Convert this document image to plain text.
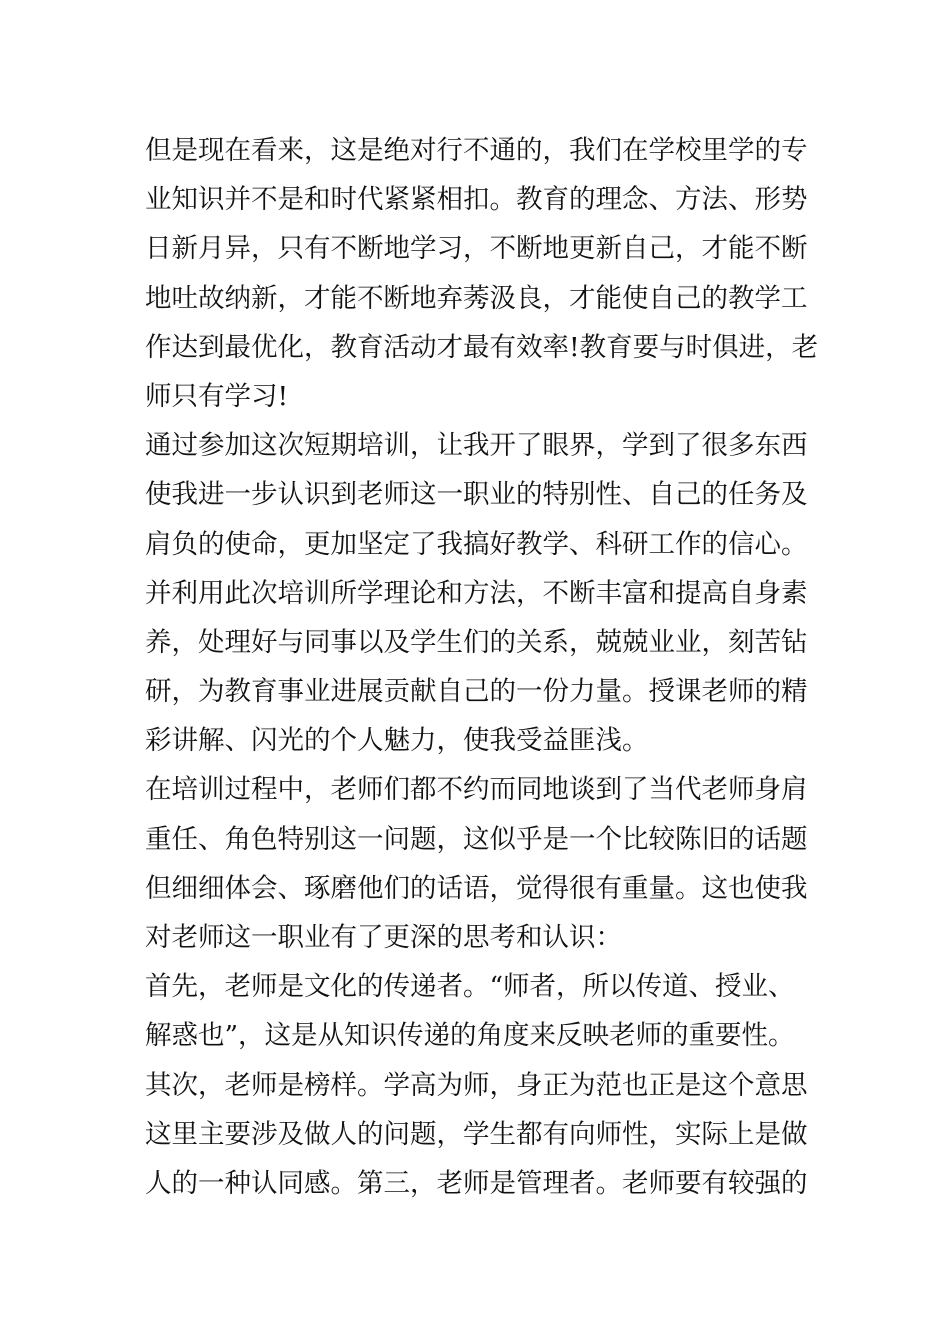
但是现在看来，这是绝对行不通的，我们在学校里学的专
业知识并不是和时代紧紧相扣。教育的理念、方法、形势
日新月异，只有不断地学习，不断地更新自己，才能不断
地吐故纳新，才能不断地弃莠汲良，才能使自己的教学工
作达到最优化，教育活动才最有效率!教育要与时俱进，老
师只有学习!
通过参加这次短期培训，让我开了眼界，学到了很多东西
使我进一步认识到老师这一职业的特别性、自己的任务及
肩负的使命，更加坚定了我搞好教学、科研工作的信心。
并利用此次培训所学理论和方法，不断丰富和提高自身素
养，处理好与同事以及学生们的关系，兢兢业业，刻苦钻
研，为教育事业进展贡献自己的一份力量。授课老师的精
彩讲解、闪光的个人魅力，使我受益匪浅。
在培训过程中，老师们都不约而同地谈到了当代老师身肩
重任、角色特别这一问题，这似乎是一个比较陈旧的话题
但细细体会、琢磨他们的话语，觉得很有重量。这也使我
对老师这一职业有了更深的思考和认识：
首先，老师是文化的传递者。“师者，所以传道、授业、
解惑也”，这是从知识传递的角度来反映老师的重要性。
其次，老师是榜样。学高为师，身正为范也正是这个意思
这里主要涉及做人的问题，学生都有向师性，实际上是做
人的一种认同感。第三，老师是管理者。老师要有较强的
